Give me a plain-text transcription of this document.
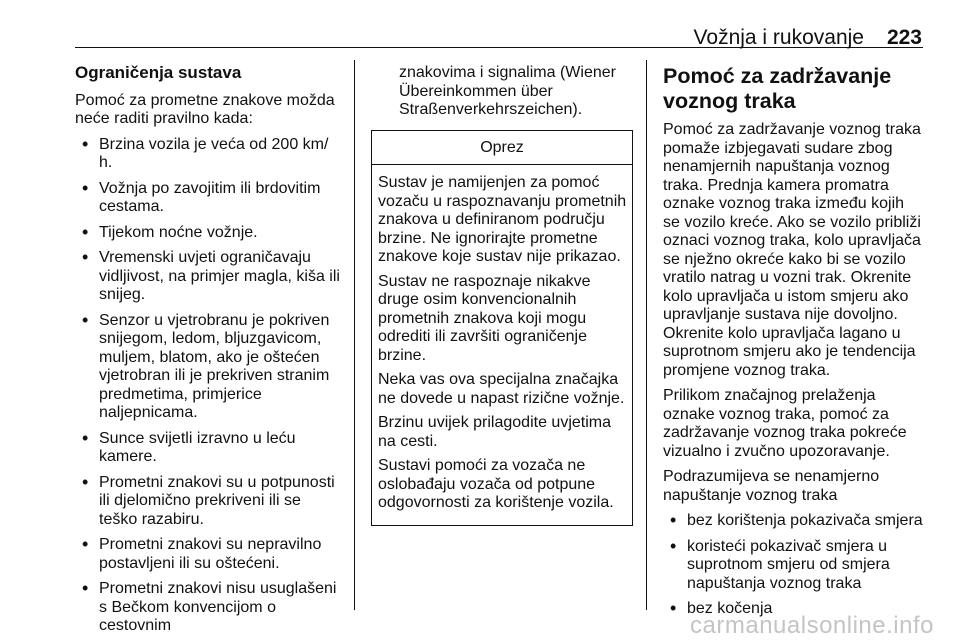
Vožnja i rukovanje 223
Ograničenja sustava
Pomoć za prometne znakove možda neće raditi pravilno kada:
• Brzina vozila je veća od 200 km/ h.
• Vožnja po zavojitim ili brdovitim cestama.
• Tijekom noćne vožnje.
• Vremenski uvjeti ograničavaju vidljivost, na primjer magla, kiša ili snijeg.
• Senzor u vjetrobranu je pokriven snijegom, ledom, bljuzgavicom, muljem, blatom, ako je oštećen vjetrobran ili je prekriven stranim predmetima, primjerice naljepnicama.
• Sunce svijetli izravno u leću kamere.
• Prometni znakovi su u potpunosti ili djelomično prekriveni ili se teško razabiru.
• Prometni znakovi su nepravilno postavljeni ili su oštećeni.
• Prometni znakovi nisu usuglašeni s Bečkom konvencijom o cestovnim
znakovima i signalima (Wiener Übereinkommen über Straßenverkehrszeichen).
Oprez
Sustav je namijenjen za pomoć vozaču u raspoznavanju prometnih znakova u definiranom području brzine. Ne ignorirajte prometne znakove koje sustav nije prikazao.
Sustav ne raspoznaje nikakve druge osim konvencionalnih prometnih znakova koji mogu odrediti ili završiti ograničenje brzine.
Neka vas ova specijalna značajka ne dovede u napast rizične vožnje.
Brzinu uvijek prilagodite uvjetima na cesti.
Sustavi pomoći za vozača ne oslobađaju vozača od potpune odgovornosti za korištenje vozila.
Pomoć za zadržavanje voznog traka
Pomoć za zadržavanje voznog traka pomaže izbjegavati sudare zbog nenamjernih napuštanja voznog traka. Prednja kamera promatra oznake voznog traka između kojih se vozilo kreće. Ako se vozilo približi oznaci voznog traka, kolo upravljača se nježno okreće kako bi se vozilo vratilo natrag u vozni trak. Okrenite kolo upravljača u istom smjeru ako upravljanje sustava nije dovoljno. Okrenite kolo upravljača lagano u suprotnom smjeru ako je tendencija promjene voznog traka.
Prilikom značajnog prelaženja oznake voznog traka, pomoć za zadržavanje voznog traka pokreće vizualno i zvučno upozoravanje.
Podrazumijeva se nenamjerno napuštanje voznog traka
• bez korištenja pokazivača smjera
• koristeći pokazivač smjera u suprotnom smjeru od smjera napuštanja voznog traka
• bez kočenja
carmanualsonline.info
